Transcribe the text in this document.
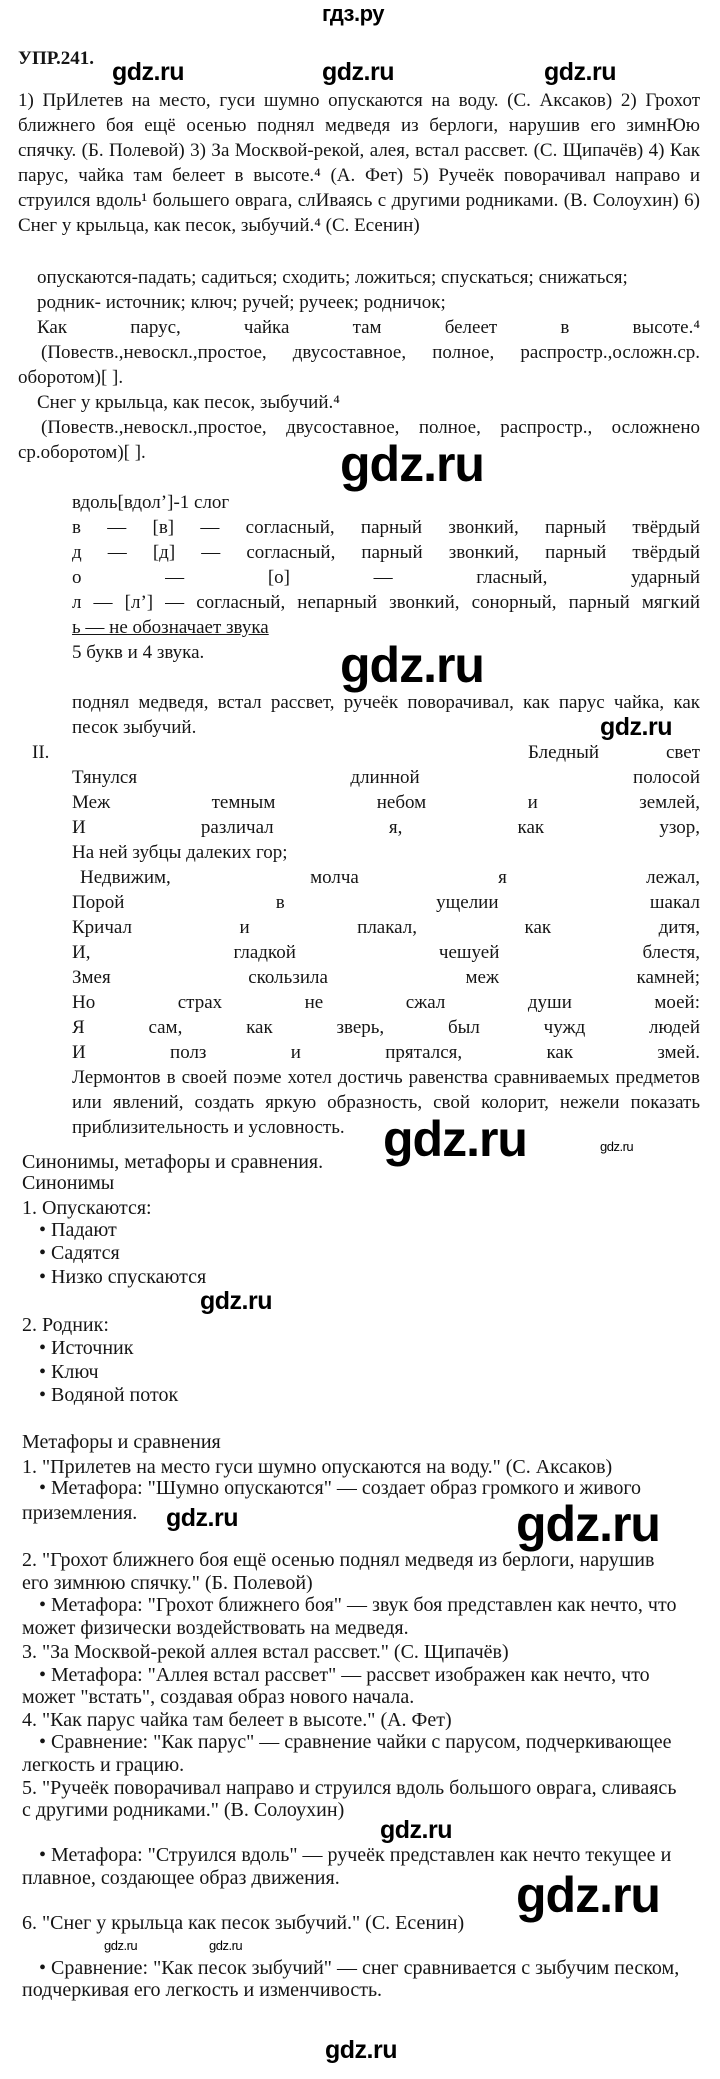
гдз.ру
УПР.241.
1) ПрИлетев на место, гуси шумно опускаются на воду. (С. Аксаков) 2) Грохот
ближнего боя ещё осенью поднял медведя из берлоги, нарушив его зимнЮю
спячку. (Б. Полевой) 3) За Москвой-рекой, алея, встал рассвет. (С. Щипачёв) 4) Как
парус, чайка там белеет в высоте.⁴ (А. Фет) 5) Ручеёк поворачивал направо и
струился вдоль¹ большего оврага, слИваясь с другими родниками. (В. Солоухин) 6)
Снег у крыльца, как песок, зыбучий.⁴ (С. Есенин)
опускаются-падать; садиться; сходить; ложиться; спускаться; снижаться;
родник- источник; ключ; ручей; ручеек; родничок;
Как парус, чайка там белеет в высоте.⁴
(Повеств.,невоскл.,простое, двусоставное, полное, распростр.,осложн.ср.
оборотом)[ ].
Снег у крыльца, как песок, зыбучий.⁴
(Повеств.,невоскл.,простое, двусоставное, полное, распростр., осложнено
ср.оборотом)[ ].
вдоль[вдол’]-1 слог
в — [в] — согласный, парный звонкий, парный твёрдый
д — [д] — согласный, парный звонкий, парный твёрдый
о — [о] — гласный, ударный
л — [л’] — согласный, непарный звонкий, сонорный, парный мягкий
ь — не обозначает звука
5 букв и 4 звука.
поднял медведя, встал рассвет, ручеёк поворачивал, как парус чайка, как
песок зыбучий.
II.	Бледный свет
Тянулся длинной полосой
Меж темным небом и землей,
И различал я, как узор,
На ней зубцы далеких гор;
Недвижим, молча я лежал,
Порой в ущелии шакал
Кричал и плакал, как дитя,
И, гладкой чешуей блестя,
Змея скользила меж камней;
Но страх не сжал души моей:
Я сам, как зверь, был чужд людей
И полз и прятался, как змей.
Лермонтов в своей поэме хотел достичь равенства сравниваемых предметов
или явлений, создать яркую образность, свой колорит, нежели показать
приблизительность и условность.
Синонимы, метафоры и сравнения.
Синонимы
1. Опускаются:
• Падают
• Садятся
• Низко спускаются
2. Родник:
• Источник
• Ключ
• Водяной поток
Метафоры и сравнения
1. "Прилетев на место гуси шумно опускаются на воду." (С. Аксаков)
• Метафора: "Шумно опускаются" — создает образ громкого и живого
приземления.
2. "Грохот ближнего боя ещё осенью поднял медведя из берлоги, нарушив
его зимнюю спячку." (Б. Полевой)
• Метафора: "Грохот ближнего боя" — звук боя представлен как нечто, что
может физически воздействовать на медведя.
3. "За Москвой-рекой аллея встал рассвет." (С. Щипачёв)
• Метафора: "Аллея встал рассвет" — рассвет изображен как нечто, что
может "встать", создавая образ нового начала.
4. "Как парус чайка там белеет в высоте." (А. Фет)
• Сравнение: "Как парус" — сравнение чайки с парусом, подчеркивающее
легкость и грацию.
5. "Ручеёк поворачивал направо и струился вдоль большого оврага, сливаясь
с другими родниками." (В. Солоухин)
• Метафора: "Струился вдоль" — ручеёк представлен как нечто текущее и
плавное, создающее образ движения.
6. "Снег у крыльца как песок зыбучий." (С. Есенин)
• Сравнение: "Как песок зыбучий" — снег сравнивается с зыбучим песком,
подчеркивая его легкость и изменчивость.
gdz.ru	gdz.ru	gdz.ru
gdz.ru
gdz.ru
gdz.ru
gdz.ru	gdz.ru
gdz.ru
gdz.ru	gdz.ru
gdz.ru
gdz.ru
gdz.ru	gdz.ru
gdz.ru
